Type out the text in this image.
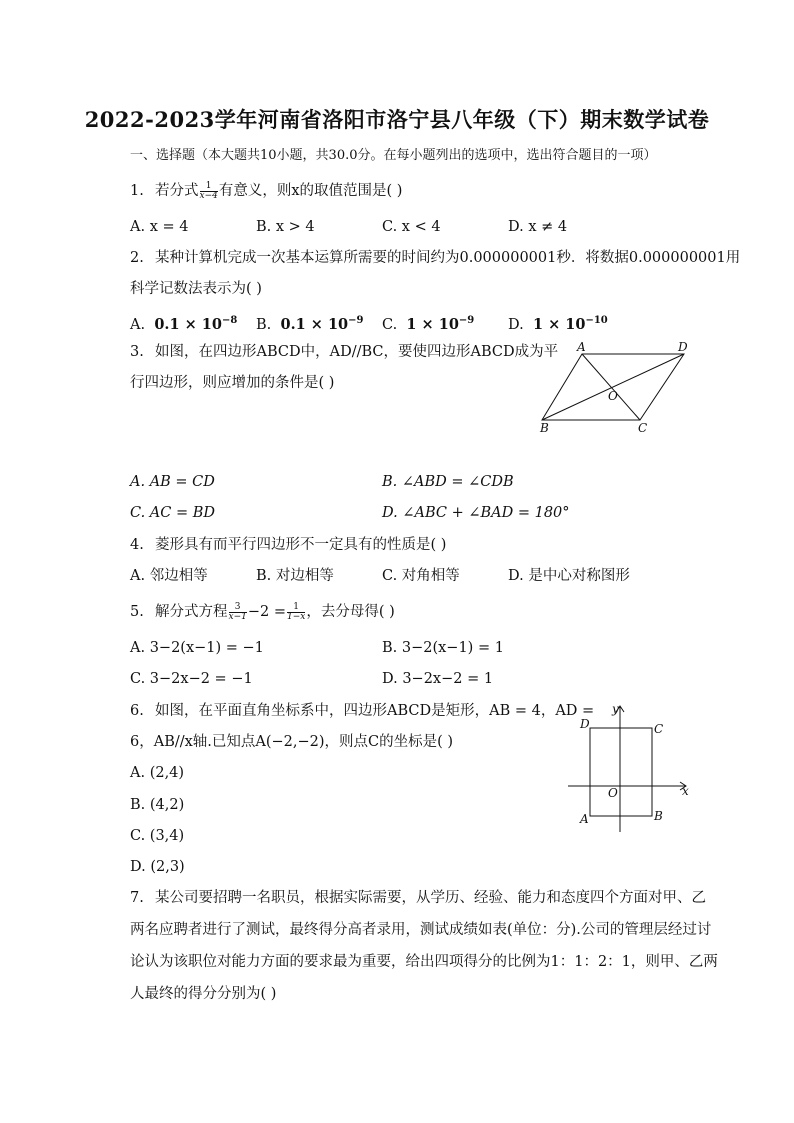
2022-2023学年河南省洛阳市洛宁县八年级（下）期末数学试卷
一、选择题（本大题共10小题，共30.0分。在每小题列出的选项中，选出符合题目的一项）
1. 若分式 $\frac{1}{x-4}$ 有意义，则x的取值范围是( )
A. x = 4	B. x > 4	C. x < 4	D. x ≠ 4
2. 某种计算机完成一次基本运算所需要的时间约为0.000000001秒．将数据0.000000001用
科学记数法表示为( )
A. $0.1 \times 10^{-8}$ B. $0.1 \times 10^{-9}$ C. $1 \times 10^{-9}$ D. $1 \times 10^{-10}$
3. 如图，在四边形ABCD中，AD//BC，要使四边形ABCD成为平
行四边形，则应增加的条件是( )
A	D
B	C
O
A. AB = CD	B. ∠ABD = ∠CDB
C. AC = BD	D. ∠ABC + ∠BAD = 180°
4. 菱形具有而平行四边形不一定具有的性质是( )
A. 邻边相等	B. 对边相等	C. 对角相等	D. 是中心对称图形
5. 解分式方程 $\frac{3}{x-1} -2 = \frac{1}{1-x}$ ，去分母得( )
A. 3−2(x−1) = −1	B. 3−2(x−1) = 1
C. 3−2x−2 = −1	D. 3−2x−2 = 1
6. 如图，在平面直角坐标系中，四边形ABCD是矩形，AB = 4，AD =
6，AB//x轴.已知点A(−2,−2)，则点C的坐标是( )
A. (2,4)
B. (4,2)
C. (3,4)
D. (2,3)
y
x
O
D	C
A	B
7. 某公司要招聘一名职员，根据实际需要，从学历、经验、能力和态度四个方面对甲、乙
两名应聘者进行了测试，最终得分高者录用，测试成绩如表(单位：分).公司的管理层经过讨
论认为该职位对能力方面的要求最为重要，给出四项得分的比例为1：1：2：1，则甲、乙两
人最终的得分分别为( )
